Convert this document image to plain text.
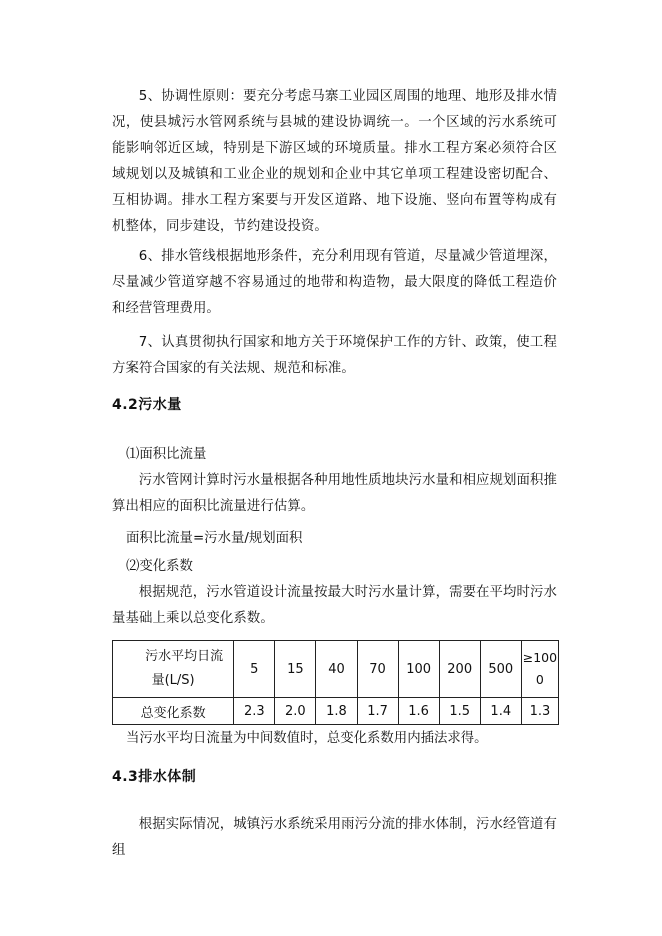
5、协调性原则：要充分考虑马寨工业园区周围的地理、地形及排水情况，使县城污水管网系统与县城的建设协调统一。一个区域的污水系统可能影响邻近区域，特别是下游区域的环境质量。排水工程方案必须符合区域规划以及城镇和工业企业的规划和企业中其它单项工程建设密切配合、互相协调。排水工程方案要与开发区道路、地下设施、竖向布置等构成有机整体，同步建设，节约建设投资。

6、排水管线根据地形条件，充分利用现有管道，尽量减少管道埋深，尽量减少管道穿越不容易通过的地带和构造物，最大限度的降低工程造价和经营管理费用。

7、认真贯彻执行国家和地方关于环境保护工作的方针、政策，使工程方案符合国家的有关法规、规范和标准。

4.2污水量

⑴面积比流量

污水管网计算时污水量根据各种用地性质地块污水量和相应规划面积推算出相应的面积比流量进行估算。

面积比流量=污水量/规划面积

⑵变化系数

根据规范，污水管道设计流量按最大时污水量计算，需要在平均时污水量基础上乘以总变化系数。

污水平均日流
量(L/S)	5	15	40	70	100	200	500	≥1000
总变化系数	2.3	2.0	1.8	1.7	1.6	1.5	1.4	1.3

当污水平均日流量为中间数值时，总变化系数用内插法求得。

4.3排水体制

根据实际情况，城镇污水系统采用雨污分流的排水体制，污水经管道有组
